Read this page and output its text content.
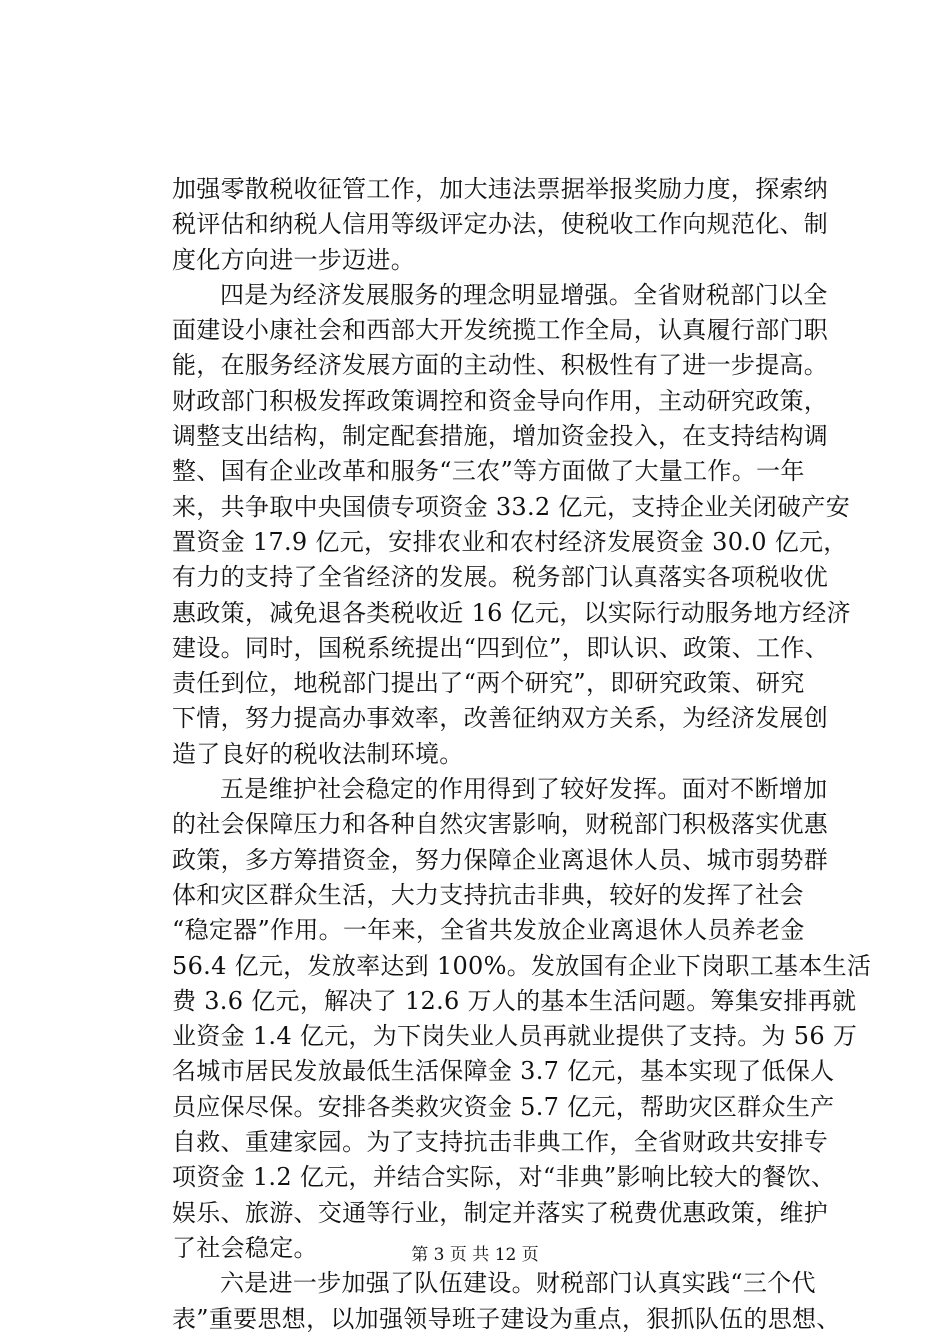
加强零散税收征管工作，加大违法票据举报奖励力度，探索纳
税评估和纳税人信用等级评定办法，使税收工作向规范化、制
度化方向进一步迈进。
四是为经济发展服务的理念明显增强。全省财税部门以全
面建设小康社会和西部大开发统揽工作全局，认真履行部门职
能，在服务经济发展方面的主动性、积极性有了进一步提高。
财政部门积极发挥政策调控和资金导向作用，主动研究政策，
调整支出结构，制定配套措施，增加资金投入，在支持结构调
整、国有企业改革和服务“三农”等方面做了大量工作。一年
来，共争取中央国债专项资金 33.2 亿元，支持企业关闭破产安
置资金 17.9 亿元，安排农业和农村经济发展资金 30.0 亿元，
有力的支持了全省经济的发展。税务部门认真落实各项税收优
惠政策，减免退各类税收近 16 亿元，以实际行动服务地方经济
建设。同时，国税系统提出“四到位”，即认识、政策、工作、
责任到位，地税部门提出了“两个研究”，即研究政策、研究
下情，努力提高办事效率，改善征纳双方关系，为经济发展创
造了良好的税收法制环境。
五是维护社会稳定的作用得到了较好发挥。面对不断增加
的社会保障压力和各种自然灾害影响，财税部门积极落实优惠
政策，多方筹措资金，努力保障企业离退休人员、城市弱势群
体和灾区群众生活，大力支持抗击非典，较好的发挥了社会
“稳定器”作用。一年来，全省共发放企业离退休人员养老金
56.4 亿元，发放率达到 100%。发放国有企业下岗职工基本生活
费 3.6 亿元，解决了 12.6 万人的基本生活问题。筹集安排再就
业资金 1.4 亿元，为下岗失业人员再就业提供了支持。为 56 万
名城市居民发放最低生活保障金 3.7 亿元，基本实现了低保人
员应保尽保。安排各类救灾资金 5.7 亿元，帮助灾区群众生产
自救、重建家园。为了支持抗击非典工作，全省财政共安排专
项资金 1.2 亿元，并结合实际，对“非典”影响比较大的餐饮、
娱乐、旅游、交通等行业，制定并落实了税费优惠政策，维护
了社会稳定。
六是进一步加强了队伍建设。财税部门认真实践“三个代
表”重要思想，以加强领导班子建设为重点，狠抓队伍的思想、
第 3 页 共 12 页
